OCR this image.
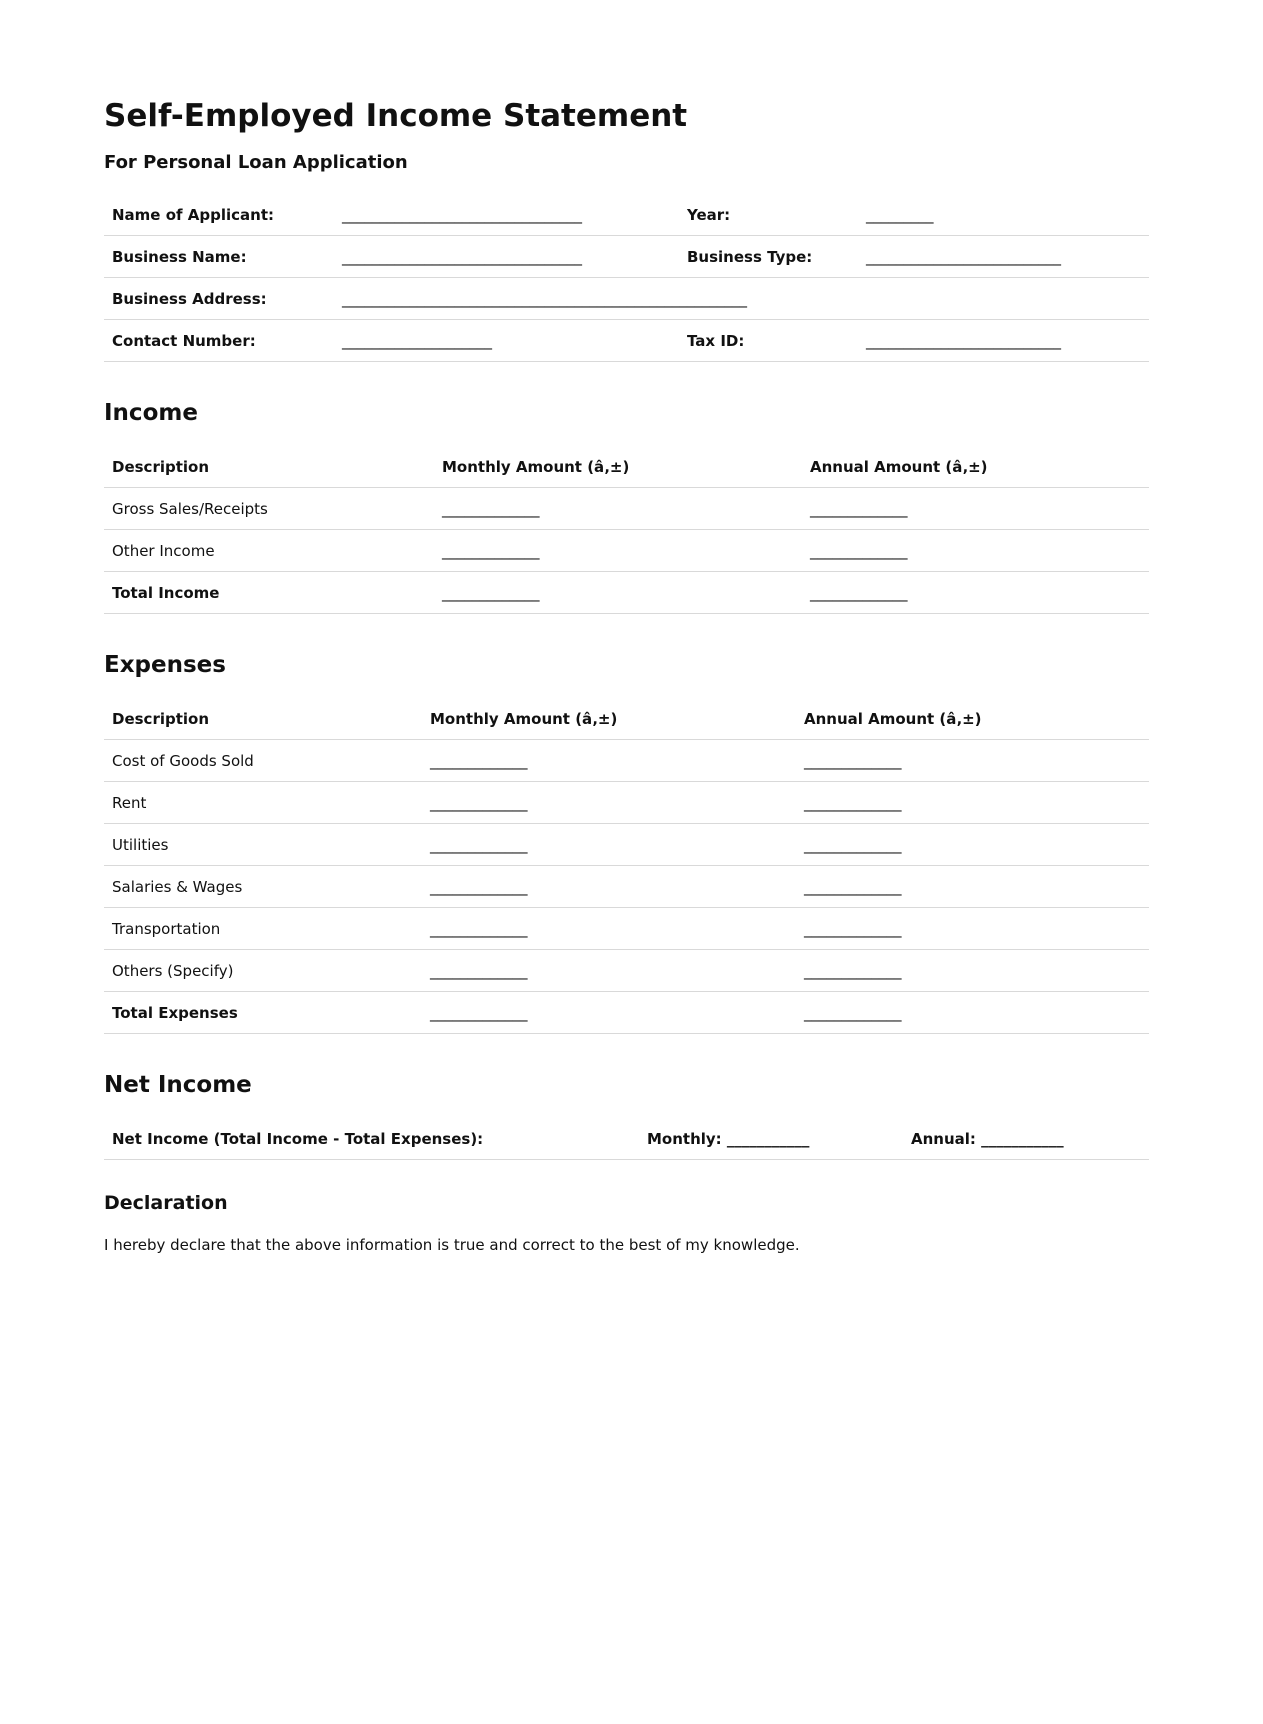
Self-Employed Income Statement
For Personal Loan Application
Name of Applicant:	________________________________	Year:	_________
Business Name:	________________________________	Business Type:	__________________________
Business Address:	______________________________________________________		
Contact Number:	____________________	Tax ID:	__________________________
Income
Description	Monthly Amount (â‚±)	Annual Amount (â‚±)
Gross Sales/Receipts	_____________	_____________
Other Income	_____________	_____________
Total Income	_____________	_____________
Expenses
Description	Monthly Amount (â‚±)	Annual Amount (â‚±)
Cost of Goods Sold	_____________	_____________
Rent	_____________	_____________
Utilities	_____________	_____________
Salaries & Wages	_____________	_____________
Transportation	_____________	_____________
Others (Specify)	_____________	_____________
Total Expenses	_____________	_____________
Net Income
Net Income (Total Income - Total Expenses):	Monthly: ___________	Annual: ___________
Declaration

I hereby declare that the above information is true and correct to the best of my knowledge.
